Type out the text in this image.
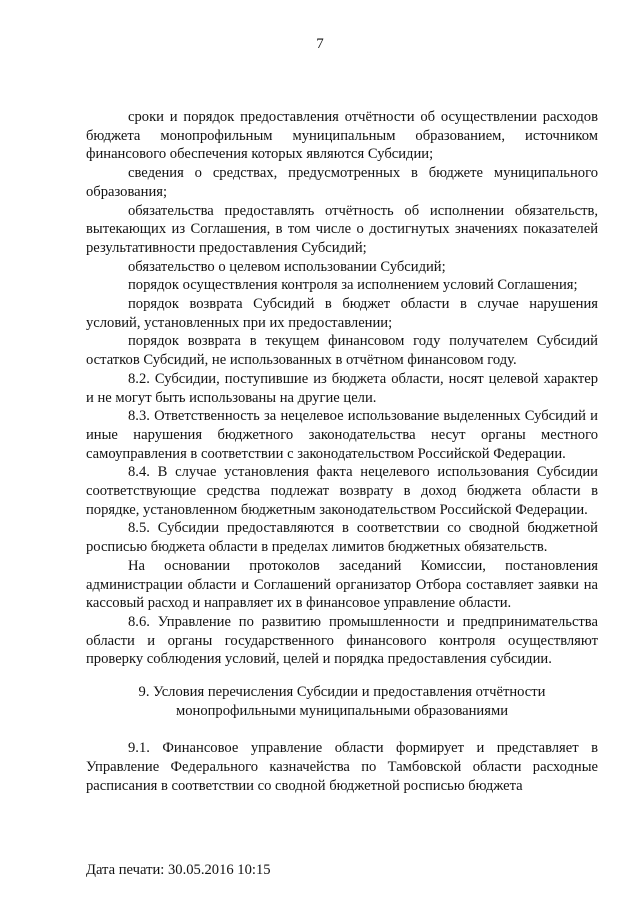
7

сроки и порядок предоставления отчётности об осуществлении расходов бюджета монопрофильным муниципальным образованием, источником финансового обеспечения которых являются Субсидии;

сведения о средствах, предусмотренных в бюджете муниципального образования;

обязательства предоставлять отчётность об исполнении обязательств, вытекающих из Соглашения, в том числе о достигнутых значениях показателей результативности предоставления Субсидий;

обязательство о целевом использовании Субсидий;

порядок осуществления контроля за исполнением условий Соглашения;

порядок возврата Субсидий в бюджет области в случае нарушения условий, установленных при их предоставлении;

порядок возврата в текущем финансовом году получателем Субсидий остатков Субсидий, не использованных в отчётном финансовом году.

8.2. Субсидии, поступившие из бюджета области, носят целевой характер и не могут быть использованы на другие цели.

8.3. Ответственность за нецелевое использование выделенных Субсидий и иные нарушения бюджетного законодательства несут органы местного самоуправления в соответствии с законодательством Российской Федерации.

8.4. В случае установления факта нецелевого использования Субсидии соответствующие средства подлежат возврату в доход бюджета области в порядке, установленном бюджетным законодательством Российской Федерации.

8.5. Субсидии предоставляются в соответствии со сводной бюджетной росписью бюджета области в пределах лимитов бюджетных обязательств.

На основании протоколов заседаний Комиссии, постановления администрации области и Соглашений организатор Отбора составляет заявки на кассовый расход и направляет их в финансовое управление области.

8.6. Управление по развитию промышленности и предпринимательства области и органы государственного финансового контроля осуществляют проверку соблюдения условий, целей и порядка предоставления субсидии.

9. Условия перечисления Субсидии и предоставления отчётности
монопрофильными муниципальными образованиями

9.1. Финансовое управление области формирует и представляет в Управление Федерального казначейства по Тамбовской области расходные расписания в соответствии со сводной бюджетной росписью бюджета

Дата печати: 30.05.2016 10:15
